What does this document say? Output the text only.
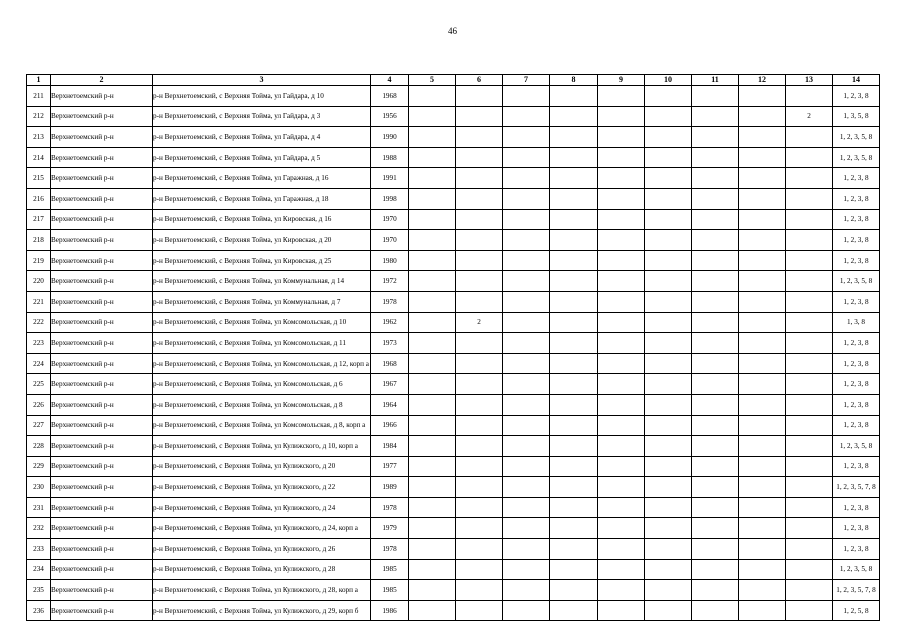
46
1	2	3	4	5	6	7	8	9	10	11	12	13	14
211	Верхнетоемский р-н	р-н Верхнетоемский, с Верхняя Тойма, ул Гайдара, д 10	1968										1, 2, 3, 8
212	Верхнетоемский р-н	р-н Верхнетоемский, с Верхняя Тойма, ул Гайдара, д 3	1956									2	1, 3, 5, 8
213	Верхнетоемский р-н	р-н Верхнетоемский, с Верхняя Тойма, ул Гайдара, д 4	1990										1, 2, 3, 5, 8
214	Верхнетоемский р-н	р-н Верхнетоемский, с Верхняя Тойма, ул Гайдара, д 5	1988										1, 2, 3, 5, 8
215	Верхнетоемский р-н	р-н Верхнетоемский, с Верхняя Тойма, ул Гаражная, д 16	1991										1, 2, 3, 8
216	Верхнетоемский р-н	р-н Верхнетоемский, с Верхняя Тойма, ул Гаражная, д 18	1998										1, 2, 3, 8
217	Верхнетоемский р-н	р-н Верхнетоемский, с Верхняя Тойма, ул Кировская, д 16	1970										1, 2, 3, 8
218	Верхнетоемский р-н	р-н Верхнетоемский, с Верхняя Тойма, ул Кировская, д 20	1970										1, 2, 3, 8
219	Верхнетоемский р-н	р-н Верхнетоемский, с Верхняя Тойма, ул Кировская, д 25	1980										1, 2, 3, 8
220	Верхнетоемский р-н	р-н Верхнетоемский, с Верхняя Тойма, ул Коммунальная, д 14	1972										1, 2, 3, 5, 8
221	Верхнетоемский р-н	р-н Верхнетоемский, с Верхняя Тойма, ул Коммунальная, д 7	1978										1, 2, 3, 8
222	Верхнетоемский р-н	р-н Верхнетоемский, с Верхняя Тойма, ул Комсомольская, д 10	1962		2								1, 3, 8
223	Верхнетоемский р-н	р-н Верхнетоемский, с Верхняя Тойма, ул Комсомольская, д 11	1973										1, 2, 3, 8
224	Верхнетоемский р-н	р-н Верхнетоемский, с Верхняя Тойма, ул Комсомольская, д 12, корп а	1968										1, 2, 3, 8
225	Верхнетоемский р-н	р-н Верхнетоемский, с Верхняя Тойма, ул Комсомольская, д 6	1967										1, 2, 3, 8
226	Верхнетоемский р-н	р-н Верхнетоемский, с Верхняя Тойма, ул Комсомольская, д 8	1964										1, 2, 3, 8
227	Верхнетоемский р-н	р-н Верхнетоемский, с Верхняя Тойма, ул Комсомольская, д 8, корп а	1966										1, 2, 3, 8
228	Верхнетоемский р-н	р-н Верхнетоемский, с Верхняя Тойма, ул Кулижского, д 10, корп а	1984										1, 2, 3, 5, 8
229	Верхнетоемский р-н	р-н Верхнетоемский, с Верхняя Тойма, ул Кулижского, д 20	1977										1, 2, 3, 8
230	Верхнетоемский р-н	р-н Верхнетоемский, с Верхняя Тойма, ул Кулижского, д 22	1989										1, 2, 3, 5, 7, 8
231	Верхнетоемский р-н	р-н Верхнетоемский, с Верхняя Тойма, ул Кулижского, д 24	1978										1, 2, 3, 8
232	Верхнетоемский р-н	р-н Верхнетоемский, с Верхняя Тойма, ул Кулижского, д 24, корп а	1979										1, 2, 3, 8
233	Верхнетоемский р-н	р-н Верхнетоемский, с Верхняя Тойма, ул Кулижского, д 26	1978										1, 2, 3, 8
234	Верхнетоемский р-н	р-н Верхнетоемский, с Верхняя Тойма, ул Кулижского, д 28	1985										1, 2, 3, 5, 8
235	Верхнетоемский р-н	р-н Верхнетоемский, с Верхняя Тойма, ул Кулижского, д 28, корп а	1985										1, 2, 3, 5, 7, 8
236	Верхнетоемский р-н	р-н Верхнетоемский, с Верхняя Тойма, ул Кулижского, д 29, корп б	1986										1, 2, 5, 8
